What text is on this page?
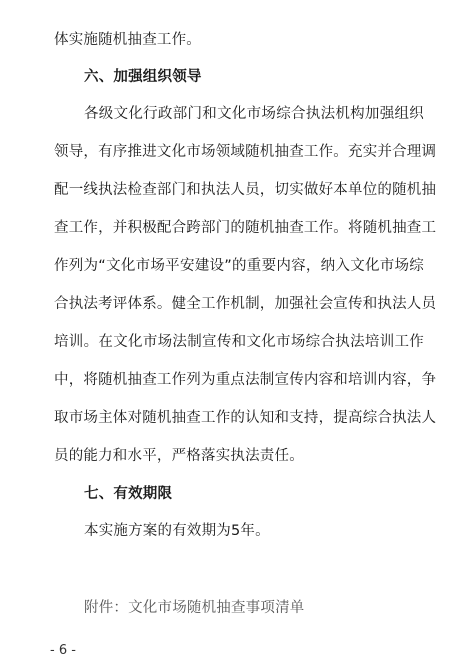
体实施随机抽查工作。
六、加强组织领导
各级文化行政部门和文化市场综合执法机构加强组织
领导，有序推进文化市场领域随机抽查工作。充实并合理调
配一线执法检查部门和执法人员，切实做好本单位的随机抽
查工作，并积极配合跨部门的随机抽查工作。将随机抽查工
作列为“文化市场平安建设”的重要内容，纳入文化市场综
合执法考评体系。健全工作机制，加强社会宣传和执法人员
培训。在文化市场法制宣传和文化市场综合执法培训工作
中，将随机抽查工作列为重点法制宣传内容和培训内容，争
取市场主体对随机抽查工作的认知和支持，提高综合执法人
员的能力和水平，严格落实执法责任。
七、有效期限
本实施方案的有效期为5年。
附件：文化市场随机抽查事项清单
- 6 -
